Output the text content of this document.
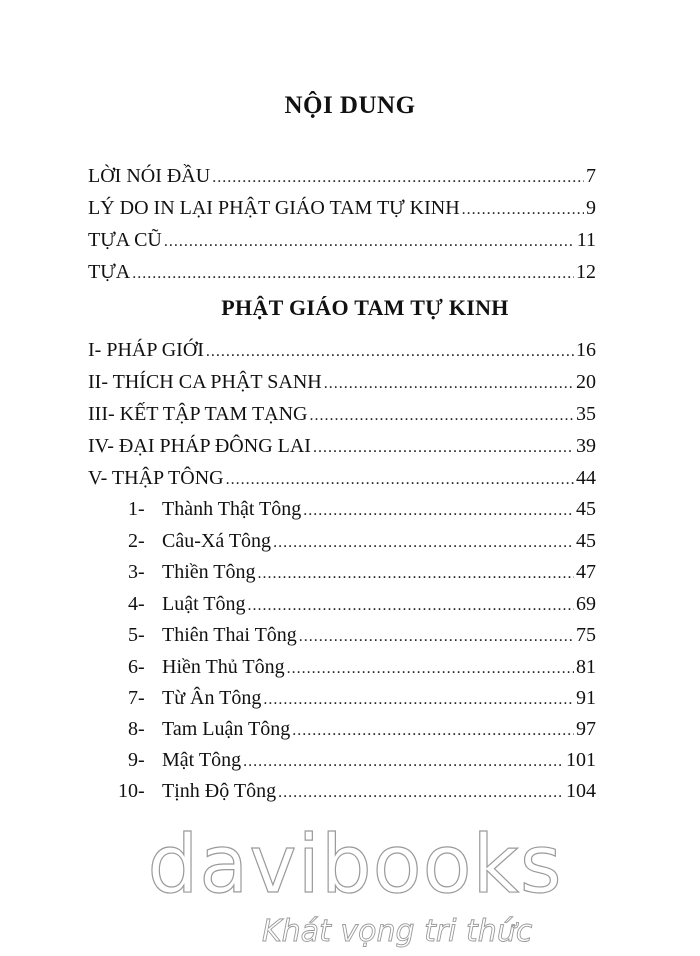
NỘI DUNG
LỜI NÓI ĐẦU .....	7
LÝ DO IN LẠI PHẬT GIÁO TAM TỰ KINH .....	9
TỰA CŨ .....	11
TỰA .....	12
I- PHÁP GIỚI .....	16
II- THÍCH CA PHẬT SANH .....	20
III- KẾT TẬP TAM TẠNG .....	35
IV- ĐẠI PHÁP ĐÔNG LAI .....	39
V- THẬP TÔNG .....	44
1- Thành Thật Tông .....	45
2- Câu-Xá Tông .....	45
3- Thiền Tông .....	47
4- Luật Tông .....	69
5- Thiên Thai Tông .....	75
6- Hiền Thủ Tông .....	81
7- Từ Ân Tông .....	91
8- Tam Luận Tông .....	97
9- Mật Tông .....	101
10- Tịnh Độ Tông .....	104
PHẬT GIÁO TAM TỰ KINH
davibooks
Khát vọng tri thức
